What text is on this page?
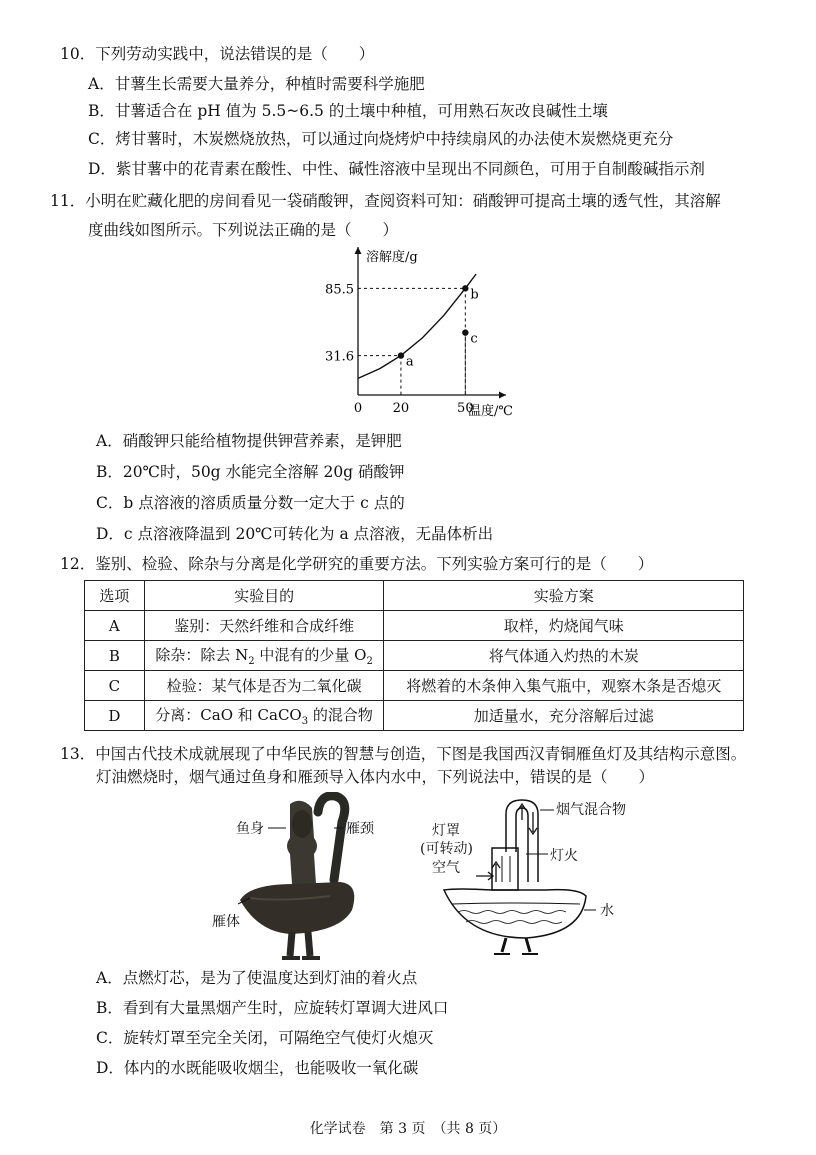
10．下列劳动实践中，说法错误的是（　　）
A．甘薯生长需要大量养分，种植时需要科学施肥
B．甘薯适合在 pH 值为 5.5~6.5 的土壤中种植，可用熟石灰改良碱性土壤
C．烤甘薯时，木炭燃烧放热，可以通过向烧烤炉中持续扇风的办法使木炭燃烧更充分
D．紫甘薯中的花青素在酸性、中性、碱性溶液中呈现出不同颜色，可用于自制酸碱指示剂
11．小明在贮藏化肥的房间看见一袋硝酸钾，查阅资料可知：硝酸钾可提高土壤的透气性，其溶解
度曲线如图所示。下列说法正确的是（　　）
溶解度/g
温度/℃
0 20	50
31.6
85.5
a
b
c
A．硝酸钾只能给植物提供钾营养素，是钾肥
B．20℃时，50g 水能完全溶解 20g 硝酸钾
C．b 点溶液的溶质质量分数一定大于 c 点的
D．c 点溶液降温到 20℃可转化为 a 点溶液，无晶体析出
12．鉴别、检验、除杂与分离是化学研究的重要方法。下列实验方案可行的是（　　）
选项	实验目的	实验方案
A	鉴别：天然纤维和合成纤维	取样，灼烧闻气味
B	除杂：除去 $N_2$ 中混有的少量 $O_2$	将气体通入灼热的木炭
C	检验：某气体是否为二氧化碳	将燃着的木条伸入集气瓶中，观察木条是否熄灭
D	分离：CaO 和 CaCO$_3$ 的混合物	加适量水，充分溶解后过滤
13．中国古代技术成就展现了中华民族的智慧与创造，下图是我国西汉青铜雁鱼灯及其结构示意图。
灯油燃烧时，烟气通过鱼身和雁颈导入体内水中，下列说法中，错误的是（　　）
鱼身	雁颈
雁体
烟气混合物
灯罩
(可转动)
空气
灯火
水
A．点燃灯芯，是为了使温度达到灯油的着火点
B．看到有大量黑烟产生时，应旋转灯罩调大进风口
C．旋转灯罩至完全关闭，可隔绝空气使灯火熄灭
D．体内的水既能吸收烟尘，也能吸收一氧化碳
化学试卷　第 3 页　（共 8 页）
